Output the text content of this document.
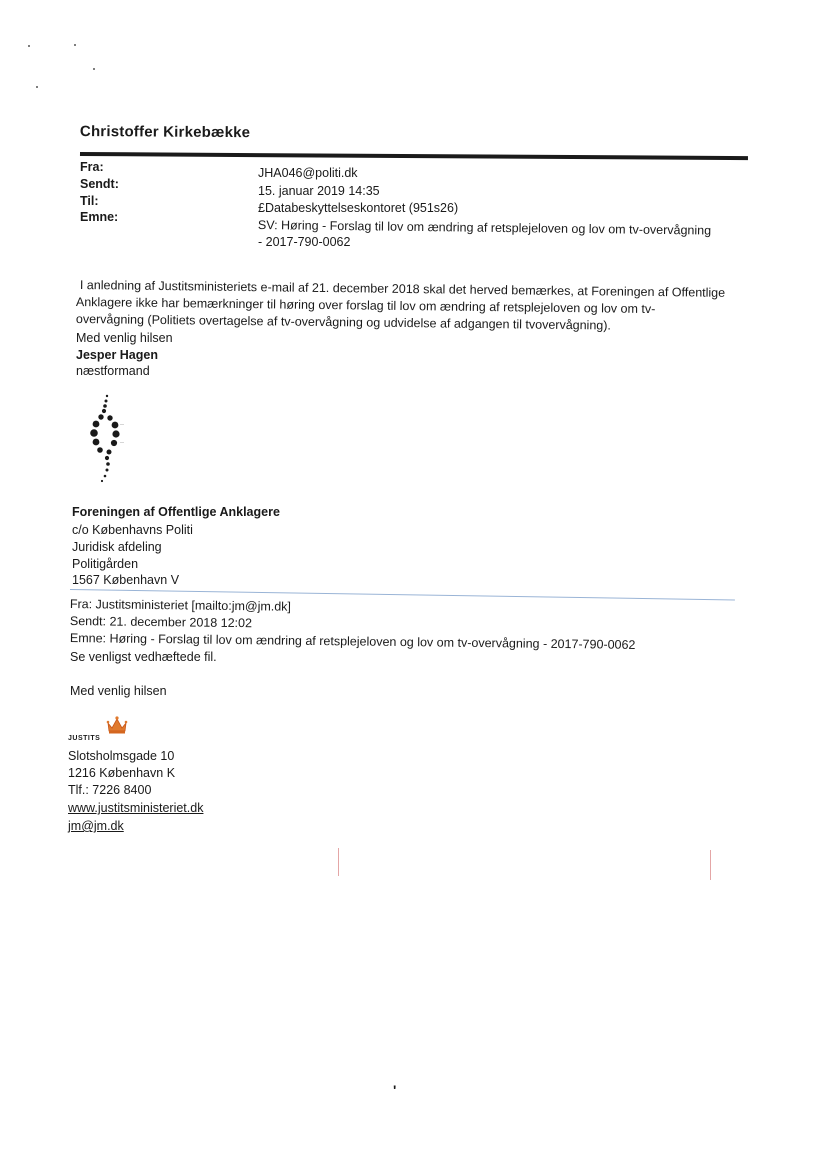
Christoffer Kirkebække
Fra:
Sendt:
Til:
Emne:
JHA046@politi.dk
15. januar 2019 14:35
£Databeskyttelseskontoret (951s26)
SV: Høring - Forslag til lov om ændring af retsplejeloven og lov om tv-overvågning
- 2017-790-0062
I anledning af Justitsministeriets e-mail af 21. december 2018 skal det herved bemærkes, at Foreningen af Offentlige
Anklagere ikke har bemærkninger til høring over forslag til lov om ændring af retsplejeloven og lov om tv-
overvågning (Politiets overtagelse af tv-overvågning og udvidelse af adgangen til tvovervågning).
Med venlig hilsen
Jesper Hagen
næstformand
Foreningen af Offentlige Anklagere
c/o Københavns Politi
Juridisk afdeling
Politigården
1567 København V
Fra: Justitsministeriet [mailto:jm@jm.dk]
Sendt: 21. december 2018 12:02
Emne: Høring - Forslag til lov om ændring af retsplejeloven og lov om tv-overvågning - 2017-790-0062
Se venligst vedhæftede fil.
Med venlig hilsen
JUSTITS
Slotsholmsgade 10
1216 København K
Tlf.: 7226 8400
www.justitsministeriet.dk
jm@jm.dk
'
